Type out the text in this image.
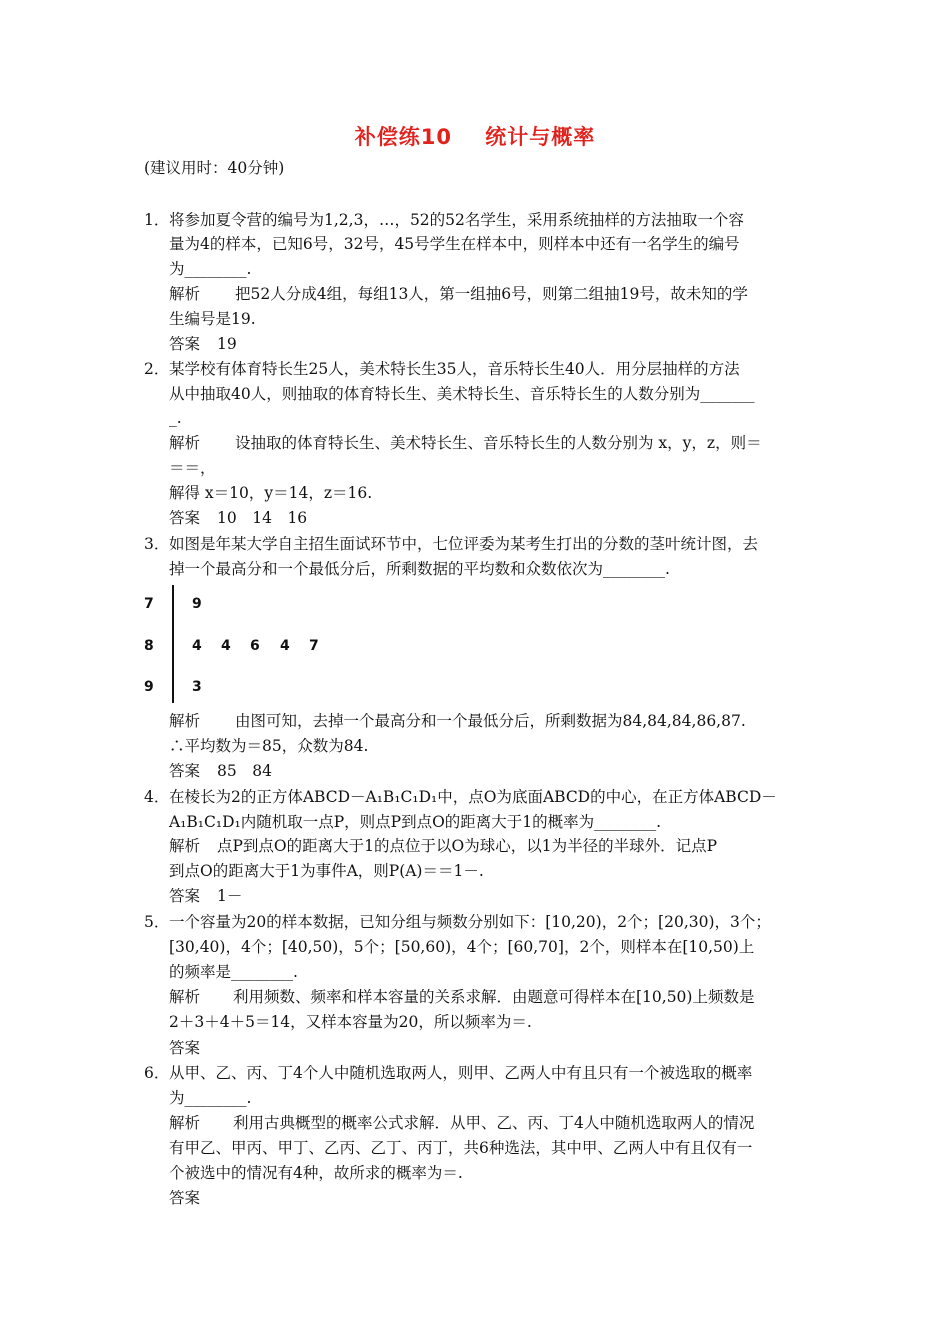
补偿练10 统计与概率
(建议用时：40分钟)
1． 将参加夏令营的编号为1,2,3，…，52的52名学生，采用系统抽样的方法抽取一个容
量为4的样本，已知6号，32号，45号学生在样本中，则样本中还有一名学生的编号
为________.
解析 把52人分成4组，每组13人，第一组抽6号，则第二组抽19号，故未知的学
生编号是19.
答案 19
2． 某学校有体育特长生25人，美术特长生35人，音乐特长生40人．用分层抽样的方法
从中抽取40人，则抽取的体育特长生、美术特长生、音乐特长生的人数分别为_______
_.
解析 设抽取的体育特长生、美术特长生、音乐特长生的人数分别为 x，y，z，则＝
＝＝，
解得 x＝10，y＝14，z＝16.
答案 10　14　16
3． 如图是年某大学自主招生面试环节中，七位评委为某考生打出的分数的茎叶统计图，去
掉一个最高分和一个最低分后，所剩数据的平均数和众数依次为________.
7
8
9
9
4 4 6 4 7
3
解析 由图可知，去掉一个最高分和一个最低分后，所剩数据为84,84,84,86,87.
∴平均数为＝85，众数为84.
答案 85　84
4． 在棱长为2的正方体ABCD－A₁B₁C₁D₁中，点O为底面ABCD的中心，在正方体ABCD－
A₁B₁C₁D₁内随机取一点P，则点P到点O的距离大于1的概率为________.
解析 点P到点O的距离大于1的点位于以O为球心，以1为半径的半球外．记点P
到点O的距离大于1为事件A，则P(A)＝＝1－.
答案 1－
5． 一个容量为20的样本数据，已知分组与频数分别如下：[10,20)，2个；[20,30)，3个；
[30,40)，4个；[40,50)，5个；[50,60)，4个；[60,70]，2个，则样本在[10,50)上
的频率是________.
解析 利用频数、频率和样本容量的关系求解．由题意可得样本在[10,50)上频数是
2＋3＋4＋5＝14，又样本容量为20，所以频率为＝.
答案
6． 从甲、乙、丙、丁4个人中随机选取两人，则甲、乙两人中有且只有一个被选取的概率
为________.
解析 利用古典概型的概率公式求解．从甲、乙、丙、丁4人中随机选取两人的情况
有甲乙、甲丙、甲丁、乙丙、乙丁、丙丁，共6种选法，其中甲、乙两人中有且仅有一
个被选中的情况有4种，故所求的概率为＝.
答案
